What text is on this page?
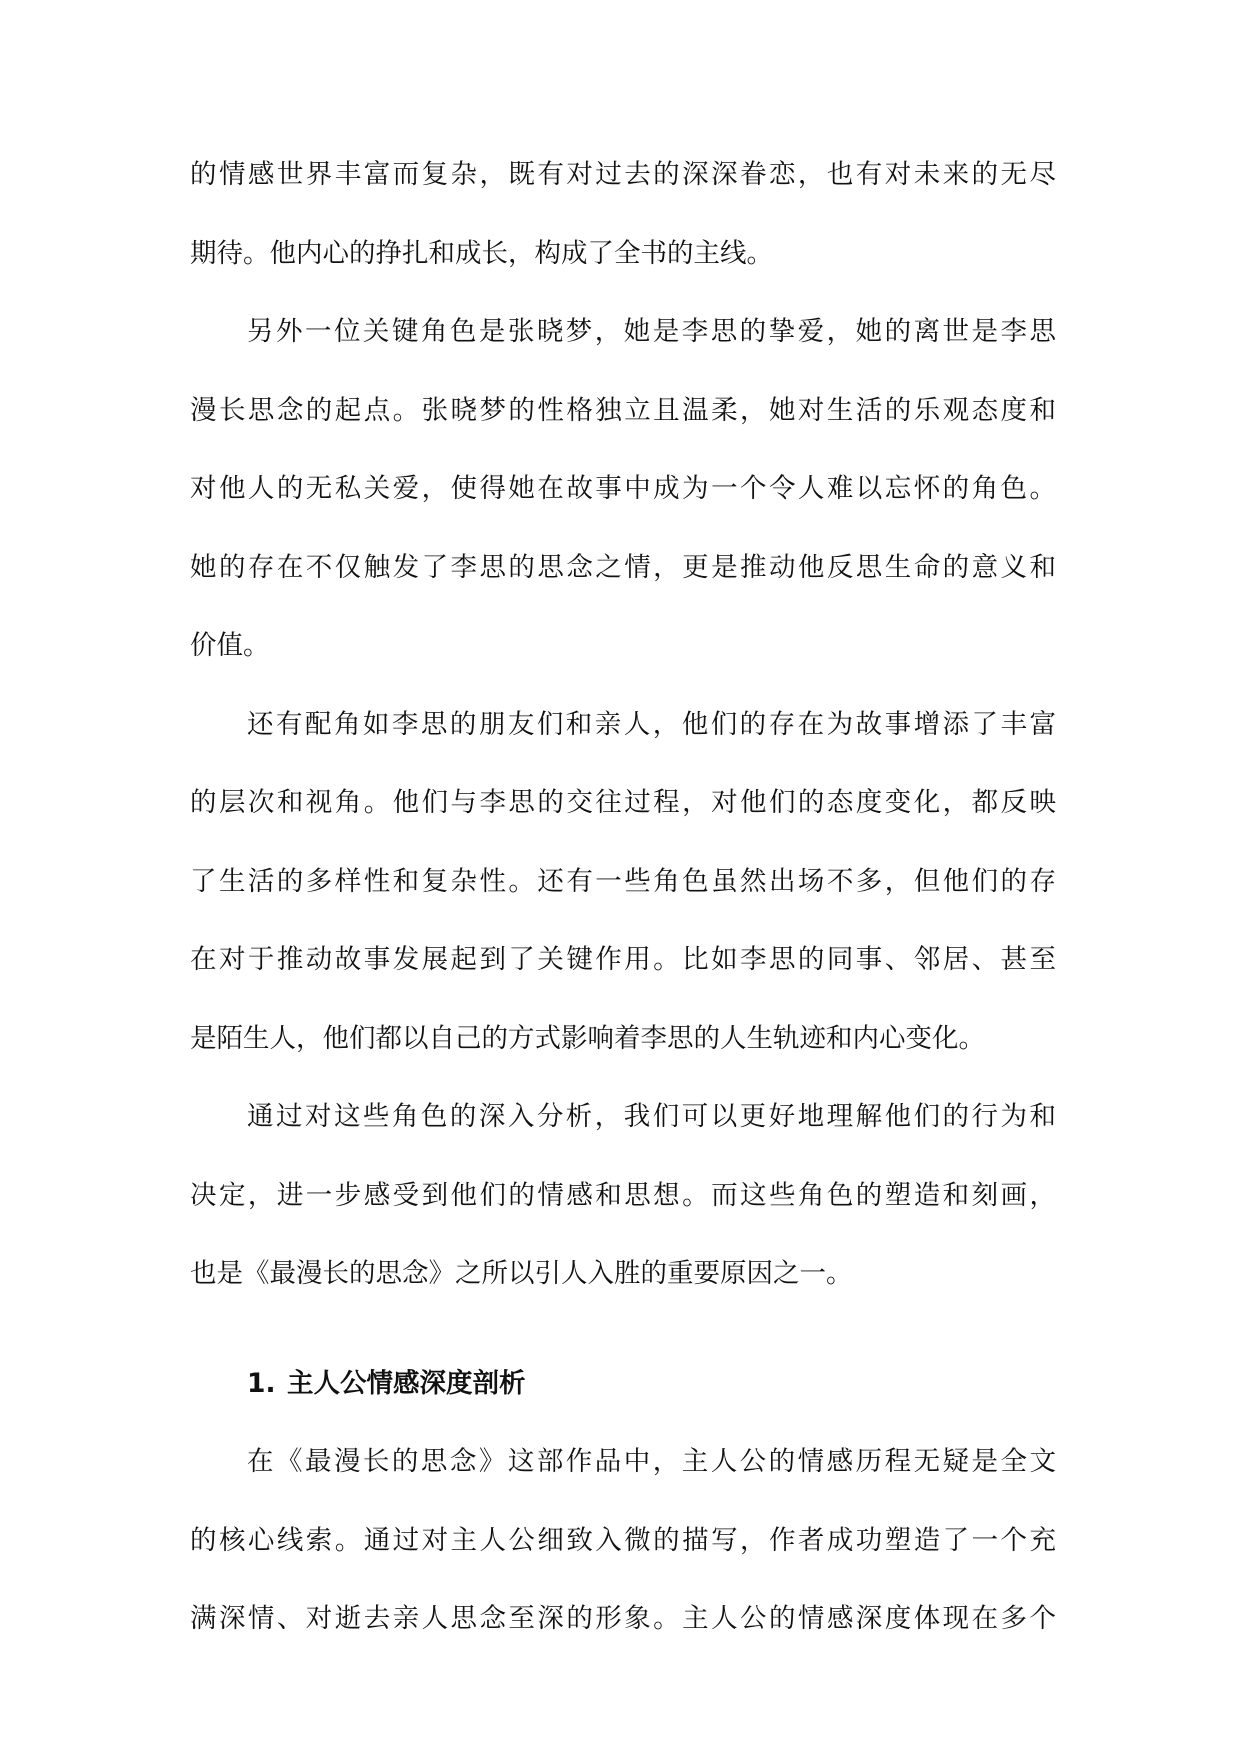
的情感世界丰富而复杂，既有对过去的深深眷恋，也有对未来的无尽

期待。他内心的挣扎和成长，构成了全书的主线。

另外一位关键角色是张晓梦，她是李思的挚爱，她的离世是李思

漫长思念的起点。张晓梦的性格独立且温柔，她对生活的乐观态度和

对他人的无私关爱，使得她在故事中成为一个令人难以忘怀的角色。

她的存在不仅触发了李思的思念之情，更是推动他反思生命的意义和

价值。

还有配角如李思的朋友们和亲人，他们的存在为故事增添了丰富

的层次和视角。他们与李思的交往过程，对他们的态度变化，都反映

了生活的多样性和复杂性。还有一些角色虽然出场不多，但他们的存

在对于推动故事发展起到了关键作用。比如李思的同事、邻居、甚至

是陌生人，他们都以自己的方式影响着李思的人生轨迹和内心变化。

通过对这些角色的深入分析，我们可以更好地理解他们的行为和

决定，进一步感受到他们的情感和思想。而这些角色的塑造和刻画，

也是《最漫长的思念》之所以引人入胜的重要原因之一。

1. 主人公情感深度剖析

在《最漫长的思念》这部作品中，主人公的情感历程无疑是全文

的核心线索。通过对主人公细致入微的描写，作者成功塑造了一个充

满深情、对逝去亲人思念至深的形象。主人公的情感深度体现在多个
